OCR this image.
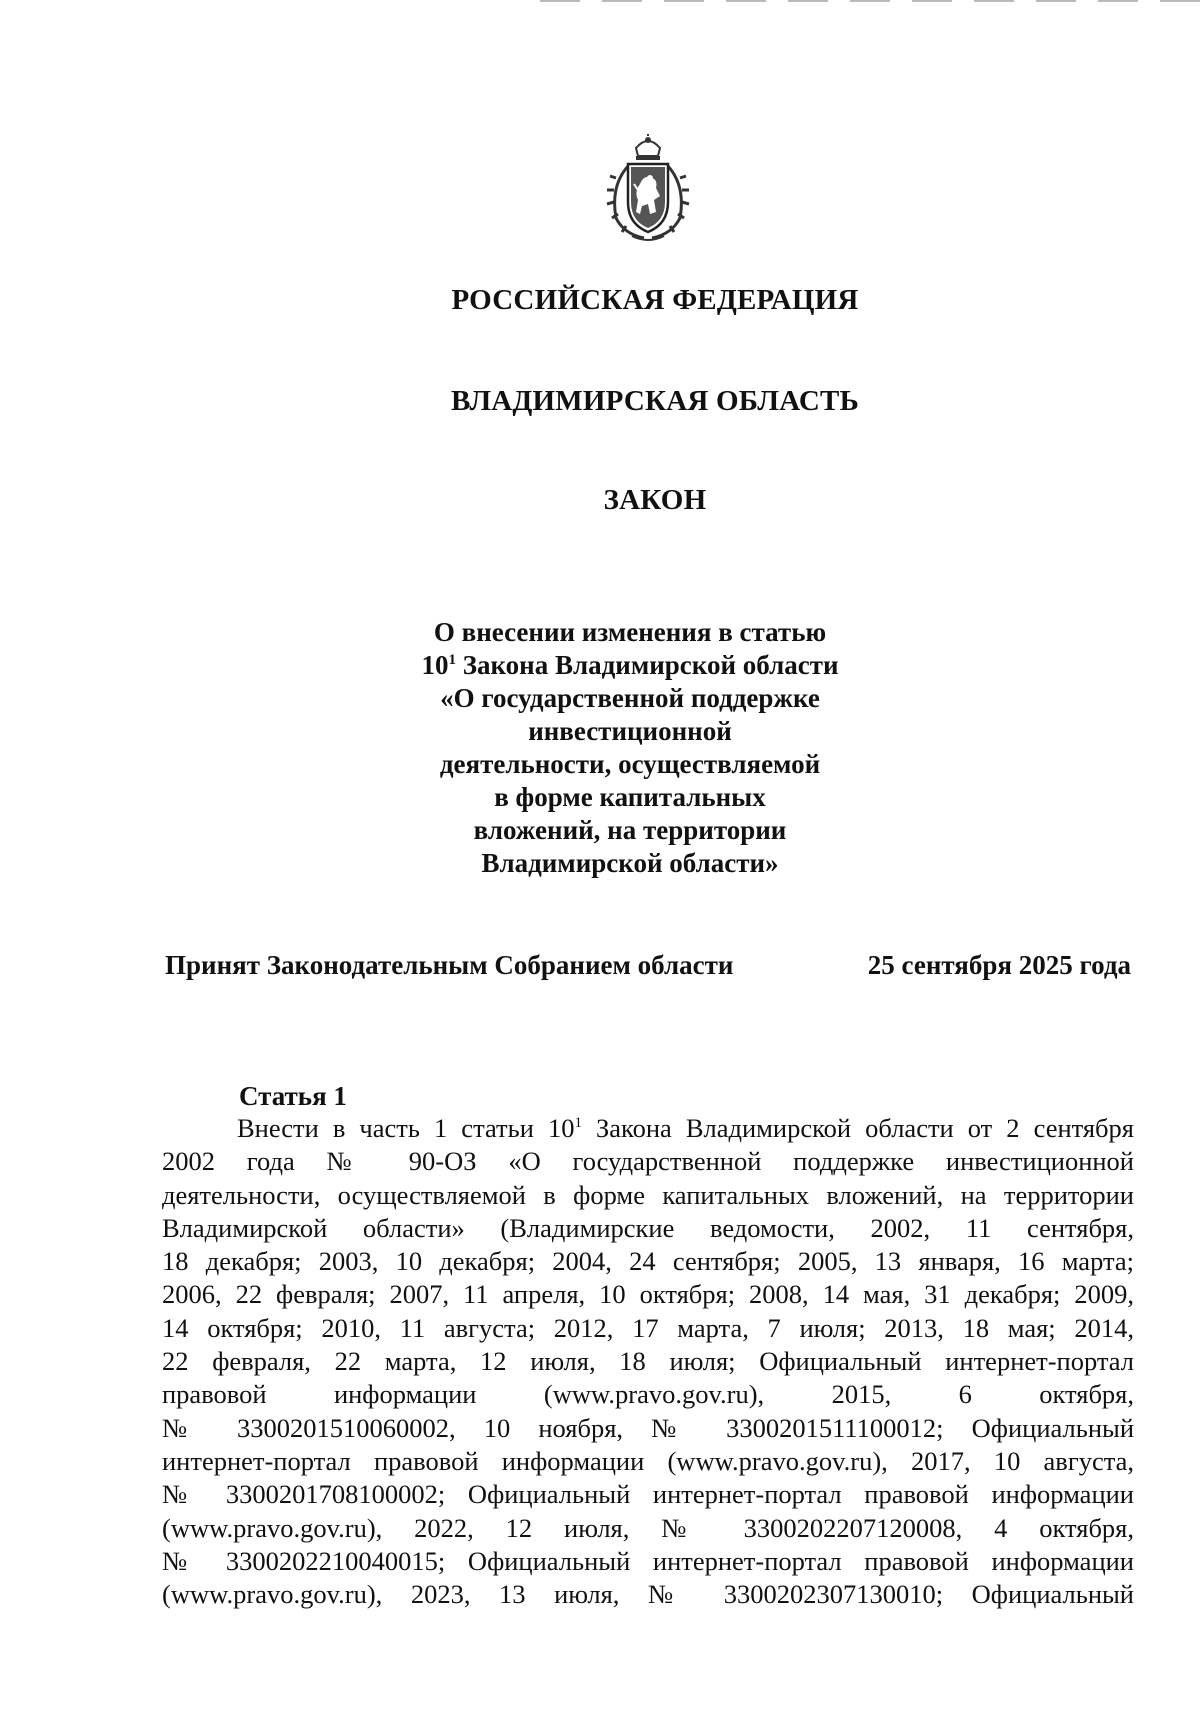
РОССИЙСКАЯ ФЕДЕРАЦИЯ
ВЛАДИМИРСКАЯ ОБЛАСТЬ
ЗАКОН
О внесении изменения в статью
$10^1$ Закона Владимирской области
«О государственной поддержке
инвестиционной
деятельности, осуществляемой
в форме капитальных
вложений, на территории
Владимирской области»
Принят Законодательным Собранием области	25 сентября 2025 года
Статья 1
Внести в часть 1 статьи $10^1$ Закона Владимирской области от 2 сентября
2002 года № 90-ОЗ «О государственной поддержке инвестиционной
деятельности, осуществляемой в форме капитальных вложений, на территории
Владимирской области» (Владимирские ведомости, 2002, 11 сентября,
18 декабря; 2003, 10 декабря; 2004, 24 сентября; 2005, 13 января, 16 марта;
2006, 22 февраля; 2007, 11 апреля, 10 октября; 2008, 14 мая, 31 декабря; 2009,
14 октября; 2010, 11 августа; 2012, 17 марта, 7 июля; 2013, 18 мая; 2014,
22 февраля, 22 марта, 12 июля, 18 июля; Официальный интернет-портал
правовой информации (www.pravo.gov.ru), 2015, 6 октября,
№ 3300201510060002, 10 ноября, № 3300201511100012; Официальный
интернет-портал правовой информации (www.pravo.gov.ru), 2017, 10 августа,
№ 3300201708100002; Официальный интернет-портал правовой информации
(www.pravo.gov.ru), 2022, 12 июля, № 3300202207120008, 4 октября,
№ 3300202210040015; Официальный интернет-портал правовой информации
(www.pravo.gov.ru), 2023, 13 июля, № 3300202307130010; Официальный
